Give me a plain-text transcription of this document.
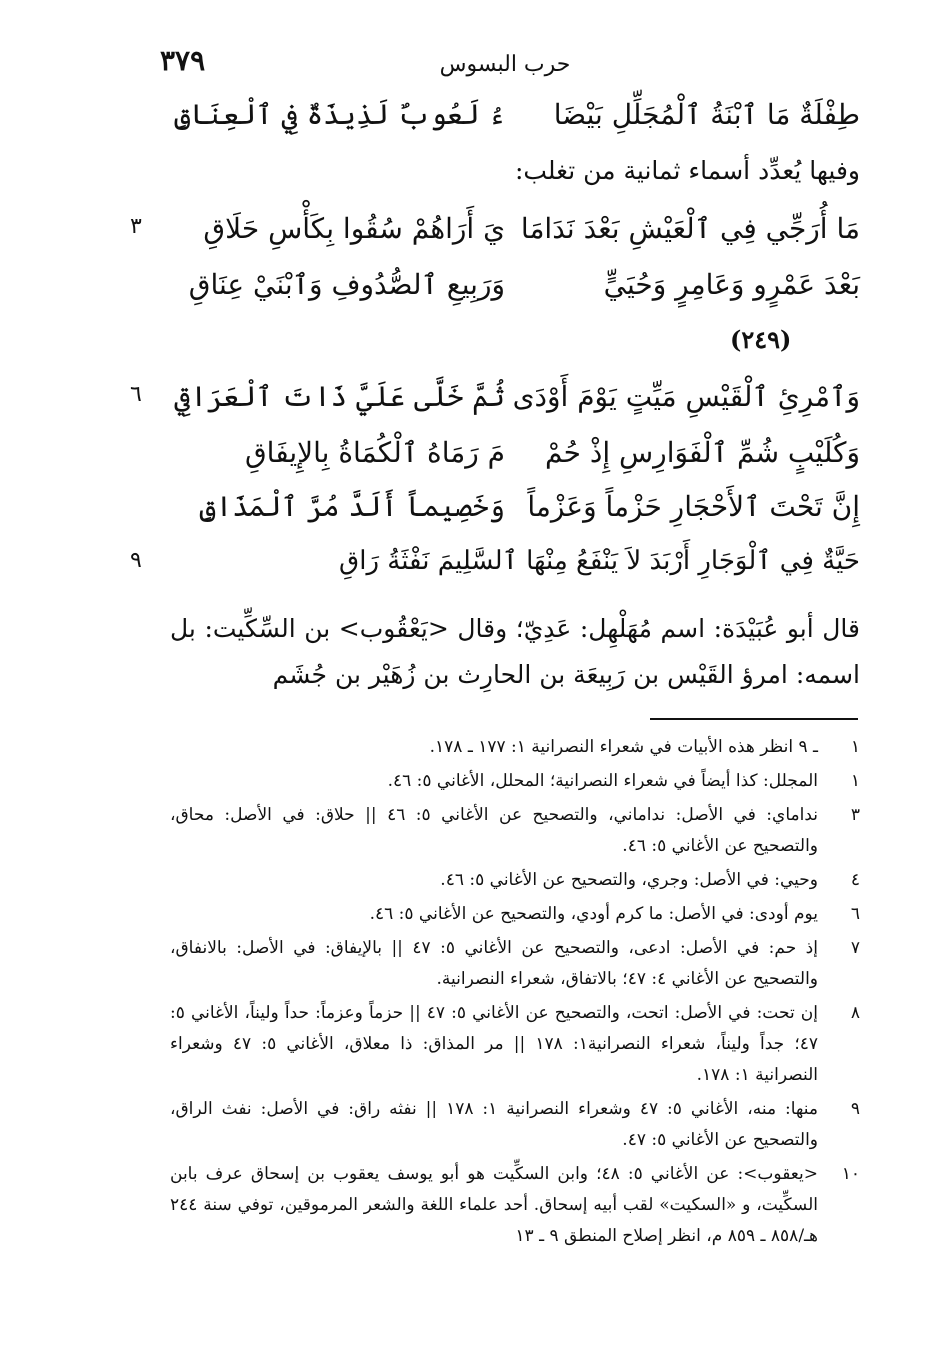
٣٧٩	حرب البسوس
طِفْلَةٌ مَا ٱبْنَةُ ٱلْمُجَلِّلِ بَيْضَا
ءُ لَعُوبٌ لَذِيذَةٌ فِي ٱلْعِنَاقِ
وفيها يُعدِّد أسماء ثمانية من تغلب:
مَا أُرَجِّي فِي ٱلْعَيْشِ بَعْدَ نَدَامَا
يَ أَرَاهُمْ سُقُوا بِكَأْسِ حَلَاقِ
٣
بَعْدَ عَمْرٍو وَعَامِرٍ وَحُيَيٍّ
وَرَبِيعِ ٱلصُّدُوفِ وَٱبْنَيْ عِنَاقِ
(٢٤٩)
وَٱمْرِئِ ٱلْقَيْسِ مَيِّتٍ يَوْمَ أَوْدَى
ثُمَّ خَلَّى عَلَيَّ ذَاتَ ٱلْعَرَاقِي
٦
وَكُلَيْبٍ شُمِّ ٱلْفَوَارِسِ إِذْ حُمْ
مَ رَمَاهُ ٱلْكُمَاةُ بِالإِيفَاقِ
إِنَّ تَحْتَ ٱلأَحْجَارِ حَزْماً وَعَزْماً
وَخَصِيماً أَلَدَّ مُرَّ ٱلْمَذَاقِ
حَيَّةٌ فِي ٱلْوَجَارِ أَرْبَدَ لاَ يَنْفَعُ مِنْهَا ٱلسَّلِيمَ نَفْثَةُ رَاقِ
٩

قال أبو عُبَيْدَة: اسم مُهَلْهِل: عَدِيّ؛ وقال <يَعْقُوب> بن السِّكِّيت: بل اسمه: امرؤ القَيْس بن رَبِيعَة بن الحارِث بن زُهَيْر بن جُشَم

١
ـ ٩ انظر هذه الأبيات في شعراء النصرانية ١: ١٧٧ ـ ١٧٨.
١
المجلل: كذا أيضاً في شعراء النصرانية؛ المحلل، الأغاني ٥: ٤٦.
٣
نداماي: في الأصل: نداماني، والتصحيح عن الأغاني ٥: ٤٦ || حلاق: في الأصل: محاق، والتصحيح عن الأغاني ٥: ٤٦.
٤
وحيي: في الأصل: وجري، والتصحيح عن الأغاني ٥: ٤٦.
٦
يوم أودى: في الأصل: ما كرم أودي، والتصحيح عن الأغاني ٥: ٤٦.
٧
إذ حم: في الأصل: ادعى، والتصحيح عن الأغاني ٥: ٤٧ || بالإيفاق: في الأصل: بالانفاق، والتصحيح عن الأغاني ٤: ٤٧؛ بالاتفاق، شعراء النصرانية.
٨
إن تحت: في الأصل: اتحت، والتصحيح عن الأغاني ٥: ٤٧ || حزماً وعزماً: حداً وليناً، الأغاني ٥: ٤٧؛ جداً وليناً، شعراء النصرانية١: ١٧٨ || مر المذاق: ذا معلاق، الأغاني ٥: ٤٧ وشعراء النصرانية ١: ١٧٨.
٩
منها: منه، الأغاني ٥: ٤٧ وشعراء النصرانية ١: ١٧٨ || نفثه راق: في الأصل: نفث الراق، والتصحيح عن الأغاني ٥: ٤٧.
١٠
<يعقوب>: عن الأغاني ٥: ٤٨؛ وابن السكِّيت هو أبو يوسف يعقوب بن إسحاق عرف بابن السكِّيت، و «السكيت» لقب أبيه إسحاق. أحد علماء اللغة والشعر المرموقين، توفي سنة ٢٤٤ هـ/٨٥٨ ـ ٨٥٩ م، انظر إصلاح المنطق ٩ ـ ١٣
